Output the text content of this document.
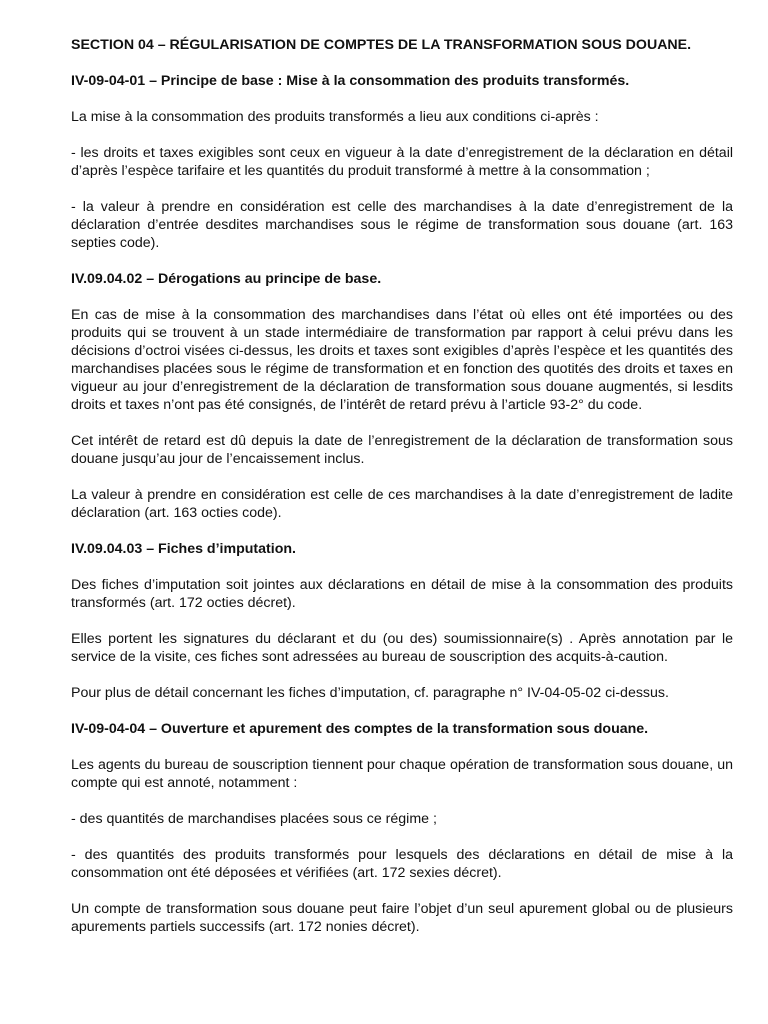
SECTION 04 – RÉGULARISATION DE COMPTES DE LA TRANSFORMATION SOUS DOUANE.
IV-09-04-01 – Principe de base : Mise à la consommation des produits transformés.
La mise à la consommation des produits transformés a lieu aux conditions ci-après :
- les droits et taxes exigibles sont ceux en vigueur à la date d’enregistrement de la déclaration en détail d’après l’espèce tarifaire et les quantités du produit transformé à mettre à la consommation ;
- la valeur à prendre en considération est celle des marchandises à la date d’enregistrement de la déclaration d’entrée desdites marchandises sous le régime de transformation sous douane (art. 163 septies code).
IV.09.04.02 – Dérogations au principe de base.
En cas de mise à la consommation des marchandises dans l’état où elles ont été importées ou des produits qui se trouvent à un stade intermédiaire de transformation par rapport à celui prévu dans les décisions d’octroi visées ci-dessus, les droits et taxes sont exigibles d’après l’espèce et les quantités des marchandises placées sous le régime de transformation et en fonction des quotités des droits et taxes en vigueur au jour d’enregistrement de la déclaration de transformation sous douane augmentés, si lesdits droits et taxes n’ont pas été consignés, de l’intérêt de retard prévu à l’article 93-2° du code.
Cet intérêt de retard est dû depuis la date de l’enregistrement de la déclaration de transformation sous douane jusqu’au jour de l’encaissement inclus.
La valeur à prendre en considération est celle de ces marchandises à la date d’enregistrement de ladite déclaration (art. 163 octies code).
IV.09.04.03 – Fiches d’imputation.
Des fiches d’imputation soit jointes aux déclarations en détail de mise à la consommation des produits transformés (art. 172 octies décret).
Elles portent les signatures du déclarant et du (ou des) soumissionnaire(s) . Après annotation par le service de la visite, ces fiches sont adressées au bureau de souscription des acquits-à-caution.
Pour plus de détail concernant les fiches d’imputation, cf. paragraphe n° IV-04-05-02 ci-dessus.
IV-09-04-04 – Ouverture et apurement des comptes de la transformation sous douane.
Les agents du bureau de souscription tiennent pour chaque opération de transformation sous douane, un compte qui est annoté, notamment :
- des quantités de marchandises placées sous ce régime ;
- des quantités des produits transformés pour lesquels des déclarations en détail de mise à la consommation ont été déposées et vérifiées (art. 172 sexies décret).
Un compte de transformation sous douane peut faire l’objet d’un seul apurement global ou de plusieurs apurements partiels successifs (art. 172 nonies décret).
